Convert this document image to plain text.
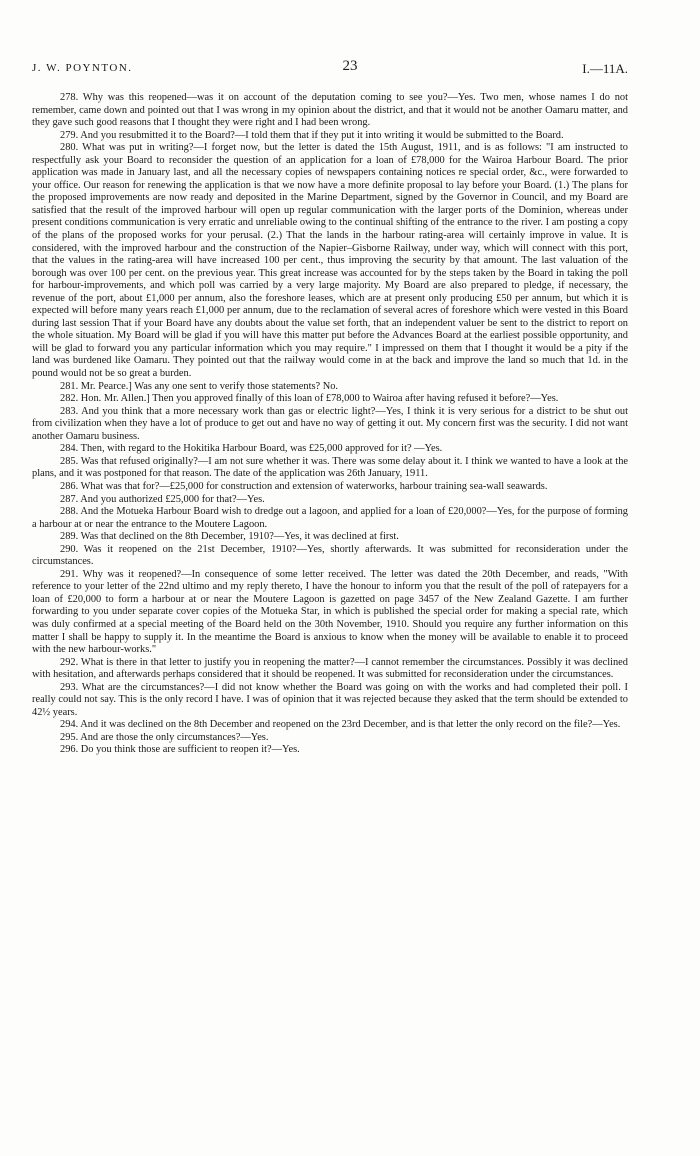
J. W. POYNTON.	23	I.—11A.

278. Why was this reopened—was it on account of the deputation coming to see you?—Yes. Two men, whose names I do not remember, came down and pointed out that I was wrong in my opinion about the district, and that it would not be another Oamaru matter, and they gave such good reasons that I thought they were right and I had been wrong.

279. And you resubmitted it to the Board?—I told them that if they put it into writing it would be submitted to the Board.

280. What was put in writing?—I forget now, but the letter is dated the 15th August, 1911, and is as follows: "I am instructed to respectfully ask your Board to reconsider the question of an application for a loan of £78,000 for the Wairoa Harbour Board. The prior application was made in January last, and all the necessary copies of newspapers containing notices re special order, &c., were forwarded to your office. Our reason for renewing the application is that we now have a more definite proposal to lay before your Board. (1.) The plans for the proposed improvements are now ready and deposited in the Marine Department, signed by the Governor in Council, and my Board are satisfied that the result of the improved harbour will open up regular communication with the larger ports of the Dominion, whereas under present conditions communication is very erratic and unreliable owing to the continual shifting of the entrance to the river. I am posting a copy of the plans of the proposed works for your perusal. (2.) That the lands in the harbour rating-area will certainly improve in value. It is considered, with the improved harbour and the construction of the Napier–Gisborne Railway, under way, which will connect with this port, that the values in the rating-area will have increased 100 per cent., thus improving the security by that amount. The last valuation of the borough was over 100 per cent. on the previous year. This great increase was accounted for by the steps taken by the Board in taking the poll for harbour-improvements, and which poll was carried by a very large majority. My Board are also prepared to pledge, if necessary, the revenue of the port, about £1,000 per annum, also the foreshore leases, which are at present only producing £50 per annum, but which it is expected will before many years reach £1,000 per annum, due to the reclamation of several acres of foreshore which were vested in this Board during last session That if your Board have any doubts about the value set forth, that an independent valuer be sent to the district to report on the whole situation. My Board will be glad if you will have this matter put before the Advances Board at the earliest possible opportunity, and will be glad to forward you any particular information which you may require." I impressed on them that I thought it would be a pity if the land was burdened like Oamaru. They pointed out that the railway would come in at the back and improve the land so much that 1d. in the pound would not be so great a burden.

281. Mr. Pearce.] Was any one sent to verify those statements? No.

282. Hon. Mr. Allen.] Then you approved finally of this loan of £78,000 to Wairoa after having refused it before?—Yes.

283. And you think that a more necessary work than gas or electric light?—Yes, I think it is very serious for a district to be shut out from civilization when they have a lot of produce to get out and have no way of getting it out. My concern first was the security. I did not want another Oamaru business.

284. Then, with regard to the Hokitika Harbour Board, was £25,000 approved for it? —Yes.

285. Was that refused originally?—I am not sure whether it was. There was some delay about it. I think we wanted to have a look at the plans, and it was postponed for that reason. The date of the application was 26th January, 1911.

286. What was that for?—£25,000 for construction and extension of waterworks, harbour training sea-wall seawards.

287. And you authorized £25,000 for that?—Yes.

288. And the Motueka Harbour Board wish to dredge out a lagoon, and applied for a loan of £20,000?—Yes, for the purpose of forming a harbour at or near the entrance to the Moutere Lagoon.

289. Was that declined on the 8th December, 1910?—Yes, it was declined at first.

290. Was it reopened on the 21st December, 1910?—Yes, shortly afterwards. It was submitted for reconsideration under the circumstances.

291. Why was it reopened?—In consequence of some letter received. The letter was dated the 20th December, and reads, "With reference to your letter of the 22nd ultimo and my reply thereto, I have the honour to inform you that the result of the poll of ratepayers for a loan of £20,000 to form a harbour at or near the Moutere Lagoon is gazetted on page 3457 of the New Zealand Gazette. I am further forwarding to you under separate cover copies of the Motueka Star, in which is published the special order for making a special rate, which was duly confirmed at a special meeting of the Board held on the 30th November, 1910. Should you require any further information on this matter I shall be happy to supply it. In the meantime the Board is anxious to know when the money will be available to enable it to proceed with the new harbour-works."

292. What is there in that letter to justify you in reopening the matter?—I cannot remember the circumstances. Possibly it was declined with hesitation, and afterwards perhaps considered that it should be reopened. It was submitted for reconsideration under the circumstances.

293. What are the circumstances?—I did not know whether the Board was going on with the works and had completed their poll. I really could not say. This is the only record I have. I was of opinion that it was rejected because they asked that the term should be extended to 42½ years.

294. And it was declined on the 8th December and reopened on the 23rd December, and is that letter the only record on the file?—Yes.

295. And are those the only circumstances?—Yes.

296. Do you think those are sufficient to reopen it?—Yes.
